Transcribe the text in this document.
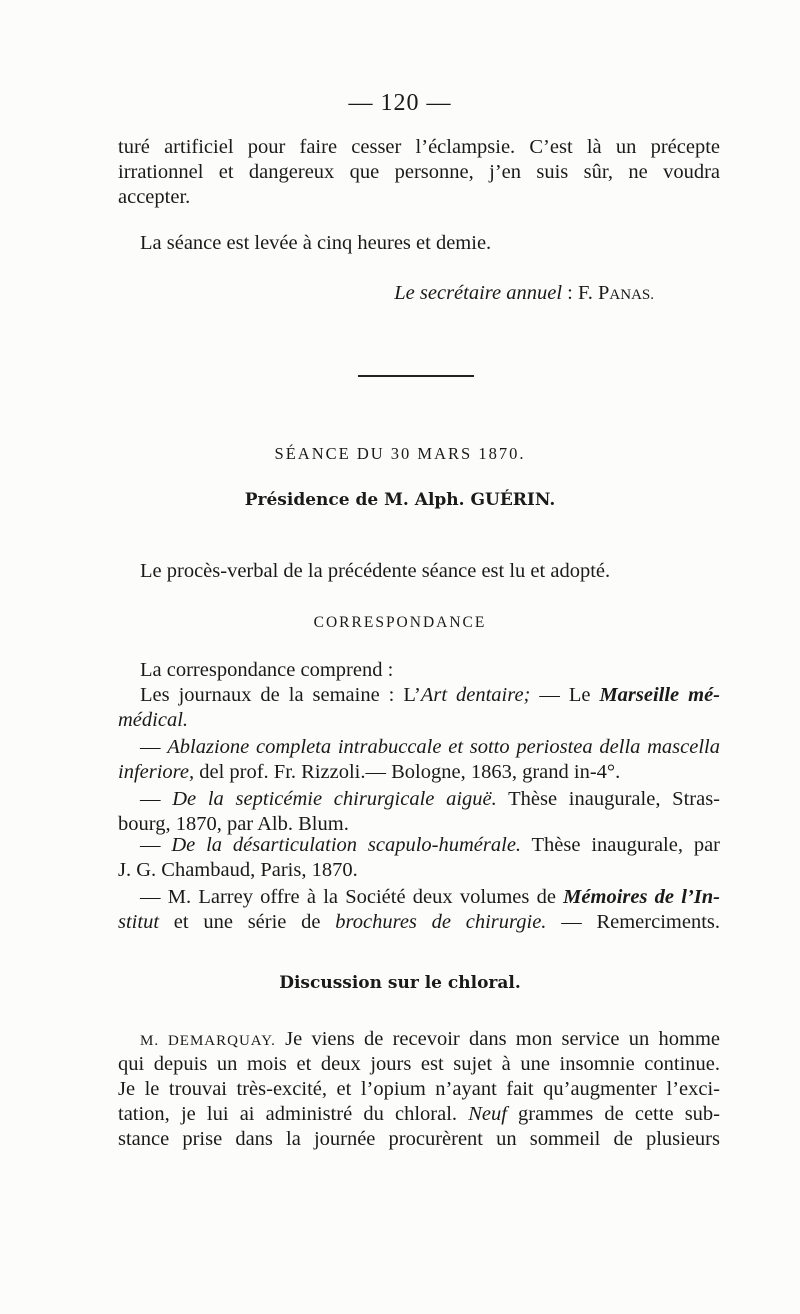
— 120 —
turé artificiel pour faire cesser l’éclampsie. C’est là un précepte
irrationnel et dangereux que personne, j’en suis sûr, ne voudra
accepter.
La séance est levée à cinq heures et demie.
Le secrétaire annuel : F. PANAS.
SÉANCE DU 30 MARS 1870.
Présidence de M. Alph. GUÉRIN.
Le procès-verbal de la précédente séance est lu et adopté.
CORRESPONDANCE
La correspondance comprend :
Les journaux de la semaine : L’Art dentaire; — Le Marseille mé-
médical.
— Ablazione completa intrabuccale et sotto periostea della mascella
inferiore, del prof. Fr. Rizzoli.— Bologne, 1863, grand in-4°.
— De la septicémie chirurgicale aiguë. Thèse inaugurale, Stras-
bourg, 1870, par Alb. Blum.
— De la désarticulation scapulo-humérale. Thèse inaugurale, par
J. G. Chambaud, Paris, 1870.
— M. Larrey offre à la Société deux volumes de Mémoires de l’In-
stitut et une série de brochures de chirurgie. — Remerciments.
Discussion sur le chloral.
M. DEMARQUAY. Je viens de recevoir dans mon service un homme
qui depuis un mois et deux jours est sujet à une insomnie continue.
Je le trouvai très-excité, et l’opium n’ayant fait qu’augmenter l’exci-
tation, je lui ai administré du chloral. Neuf grammes de cette sub-
stance prise dans la journée procurèrent un sommeil de plusieurs
